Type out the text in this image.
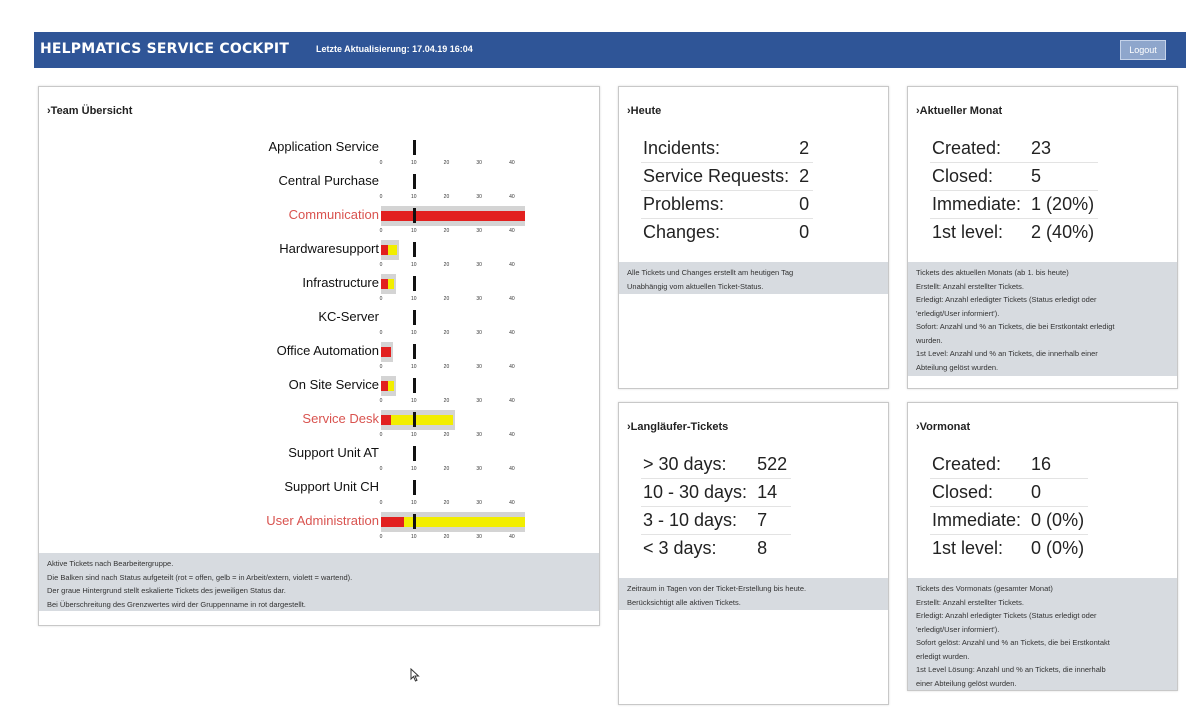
HELPMATICS SERVICE COCKPIT	Letzte Aktualisierung: 17.04.19 16:04	Logout
›Team Übersicht
Application Service
0	10	20	30	40
Central Purchase
0	10	20	30	40
Communication
0	10	20	30	40
Hardwaresupport
0	10	20	30	40
Infrastructure
0	10	20	30	40
KC-Server
0	10	20	30	40
Office Automation
0	10	20	30	40
On Site Service
0	10	20	30	40
Service Desk
0	10	20	30	40
Support Unit AT
0	10	20	30	40
Support Unit CH
0	10	20	30	40
User Administration
0	10	20	30	40
Aktive Tickets nach Bearbeitergruppe.
Die Balken sind nach Status aufgeteilt (rot = offen, gelb = in Arbeit/extern, violett = wartend).
Der graue Hintergrund stellt eskalierte Tickets des jeweiligen Status dar.
Bei Überschreitung des Grenzwertes wird der Gruppenname in rot dargestellt.
›Heute
Incidents:	2
Service Requests:	2
Problems:	0
Changes:	0
Alle Tickets und Changes erstellt am heutigen Tag
Unabhängig vom aktuellen Ticket-Status.
›Aktueller Monat
Created:	23
Closed:	5
Immediate:	1 (20%)
1st level:	2 (40%)
Tickets des aktuellen Monats (ab 1. bis heute)
Erstellt: Anzahl erstellter Tickets.
Erledigt: Anzahl erledigter Tickets (Status erledigt oder
'erledigt/User informiert').
Sofort: Anzahl und % an Tickets, die bei Erstkontakt erledigt
wurden.
1st Level: Anzahl und % an Tickets, die innerhalb einer
Abteilung gelöst wurden.
›Langläufer-Tickets
> 30 days:	522
10 - 30 days:	14
3 - 10 days:	7
< 3 days:	8
Zeitraum in Tagen von der Ticket-Erstellung bis heute.
Berücksichtigt alle aktiven Tickets.
›Vormonat
Created:	16
Closed:	0
Immediate:	0 (0%)
1st level:	0 (0%)
Tickets des Vormonats (gesamter Monat)
Erstellt: Anzahl erstellter Tickets.
Erledigt: Anzahl erledigter Tickets (Status erledigt oder
'erledigt/User informiert').
Sofort gelöst: Anzahl und % an Tickets, die bei Erstkontakt
erledigt wurden.
1st Level Lösung: Anzahl und % an Tickets, die innerhalb
einer Abteilung gelöst wurden.
